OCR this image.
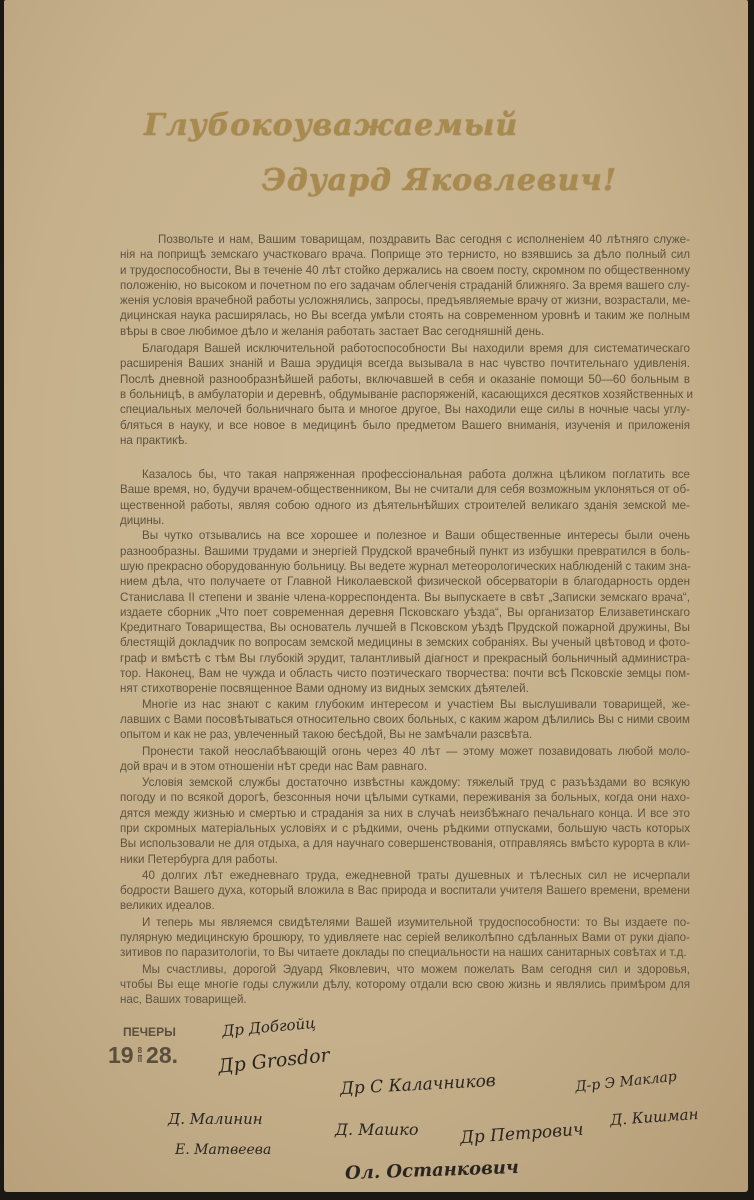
Глубокоуважаемый
Эдуард Яковлевич!
Позвольте и нам, Вашим товарищам, поздравить Вас сегодня с исполненiем 40 лѣтняго служе-
нія на поприщѣ земскаго участковаго врача. Поприще это тернисто, но взявшись за дѣло полный сил
и трудоспособности, Вы в теченіе 40 лѣт стойко держались на своем посту, скромном по общественному
положенію, но высоком и почетном по его задачам облегченія страданій ближняго. За время вашего слу-
женія условія врачебной работы усложнялись, запросы, предъявляемые врачу от жизни, возрастали, ме-
дицинская наука расширялась, но Вы всегда умѣли стоять на современном уровнѣ и таким же полным
вѣры в свое любимое дѣло и желанія работать застает Вас сегодняшній день.
Благодаря Вашей исключительной работоспособности Вы находили время для систематическаго
расширенія Ваших знаній и Ваша эрудиція всегда вызывала в нас чувство почтительнаго удивленія.
Послѣ дневной разнообразнѣйшей работы, включавшей в себя и оказаніе помощи 50—60 больным в
в больницѣ, в амбулаторіи и деревнѣ, обдумываніе распоряженій, касающихся десятков хозяйственных и
специальных мелочей больничнаго быта и многое другое, Вы находили еще силы в ночные часы углу-
бляться в науку, и все новое в медицинѣ было предметом Вашего вниманія, изученія и приложенія
на практикѣ.
Казалось бы, что такая напряженная профессіональная работа должна цѣликом поглатить все
Ваше время, но, будучи врачем-общественником, Вы не считали для себя возможным уклоняться от об-
щественной работы, являя собою одного из дѣятельнѣйших строителей великаго зданія земской ме-
дицины.
Вы чутко отзывались на все хорошее и полезное и Ваши общественные интересы были очень
разнообразны. Вашими трудами и энергіей Прудской врачебный пункт из избушки превратился в боль-
шую прекрасно оборудованную больницу. Вы ведете журнал метеорологических наблюденій с таким зна-
нием дѣла, что получаете от Главной Николаевской физической обсерваторіи в благодарность орден
Станислава II степени и званіе члена-корреспондента. Вы выпускаете в свѣт „Записки земскаго врача“,
издаете сборник „Что поет современная деревня Псковскаго уѣзда“, Вы организатор Елизаветинскаго
Кредитнаго Товарищества, Вы основатель лучшей в Псковском уѣздѣ Прудской пожарной дружины, Вы
блестящій докладчик по вопросам земской медицины в земских собраніях. Вы ученый цвѣтовод и фото-
граф и вмѣстѣ с тѣм Вы глубокій эрудит, талантливый діагност и прекрасный больничный администра-
тор. Наконец, Вам не чужда и область чисто поэтическаго творчества: почти всѣ Псковскіе земцы пом-
нят стихотвореніе посвященное Вами одному из видных земских дѣятелей.
Многіе из нас знают с каким глубоким интересом и участіем Вы выслушивали товарищей, же-
лавших с Вами посовѣтываться относительно своих больных, с каким жаром дѣлились Вы с ними своим
опытом и как не раз, увлеченный такою бесѣдой, Вы не замѣчали разсвѣта.
Пронести такой неослабѣвающій огонь через 40 лѣт — этому может позавидовать любой моло-
дой врач и в этом отношеніи нѣт среди нас Вам равнаго.
Условія земской службы достаточно извѣстны каждому: тяжелый труд с разъѣздами во всякую
погоду и по всякой дорогѣ, безсонныя ночи цѣлыми сутками, переживанія за больных, когда они нахо-
дятся между жизнью и смертью и страданія за них в случаѣ неизбѣжнаго печальнаго конца. И все это
при скромных матеріальных условіях и с рѣдкими, очень рѣдкими отпусками, большую часть которых
Вы использовали не для отдыха, а для научнаго совершенствованія, отправляясь вмѣсто курорта в кли-
ники Петербурга для работы.
40 долгих лѣт ежедневнаго труда, ежедневной траты душевных и тѣлесных сил не исчерпали
бодрости Вашего духа, который вложила в Вас природа и воспитали учителя Вашего времени, времени
великих идеалов.
И теперь мы являемся свидѣтелями Вашей изумительной трудоспособности: то Вы издаете по-
пулярную медицинскую брошюру, то удивляете нас серіей великолѣпно сдѣланных Вами от руки діапо-
зитивов по паразитологіи, то Вы читаете доклады по специальности на наших санитарных совѣтах и т.д.
Мы счастливы, дорогой Эдуард Яковлевич, что можем пожелать Вам сегодня сил и здоровья,
чтобы Вы еще многіе годы служили дѣлу, которому отдали всю свою жизнь и являлись примѣром для
нас, Ваших товарищей.
ПЕЧЕРЫ
$19 \frac{8}{II} 28$.
Др Добгойц
Др Grosdor
Др С Калачников	Д-р Э Маклар
Д. Кишман
Д. Малинин
Е. Матвеева
Д. Машко Др Петрович
Ол. Останкович
